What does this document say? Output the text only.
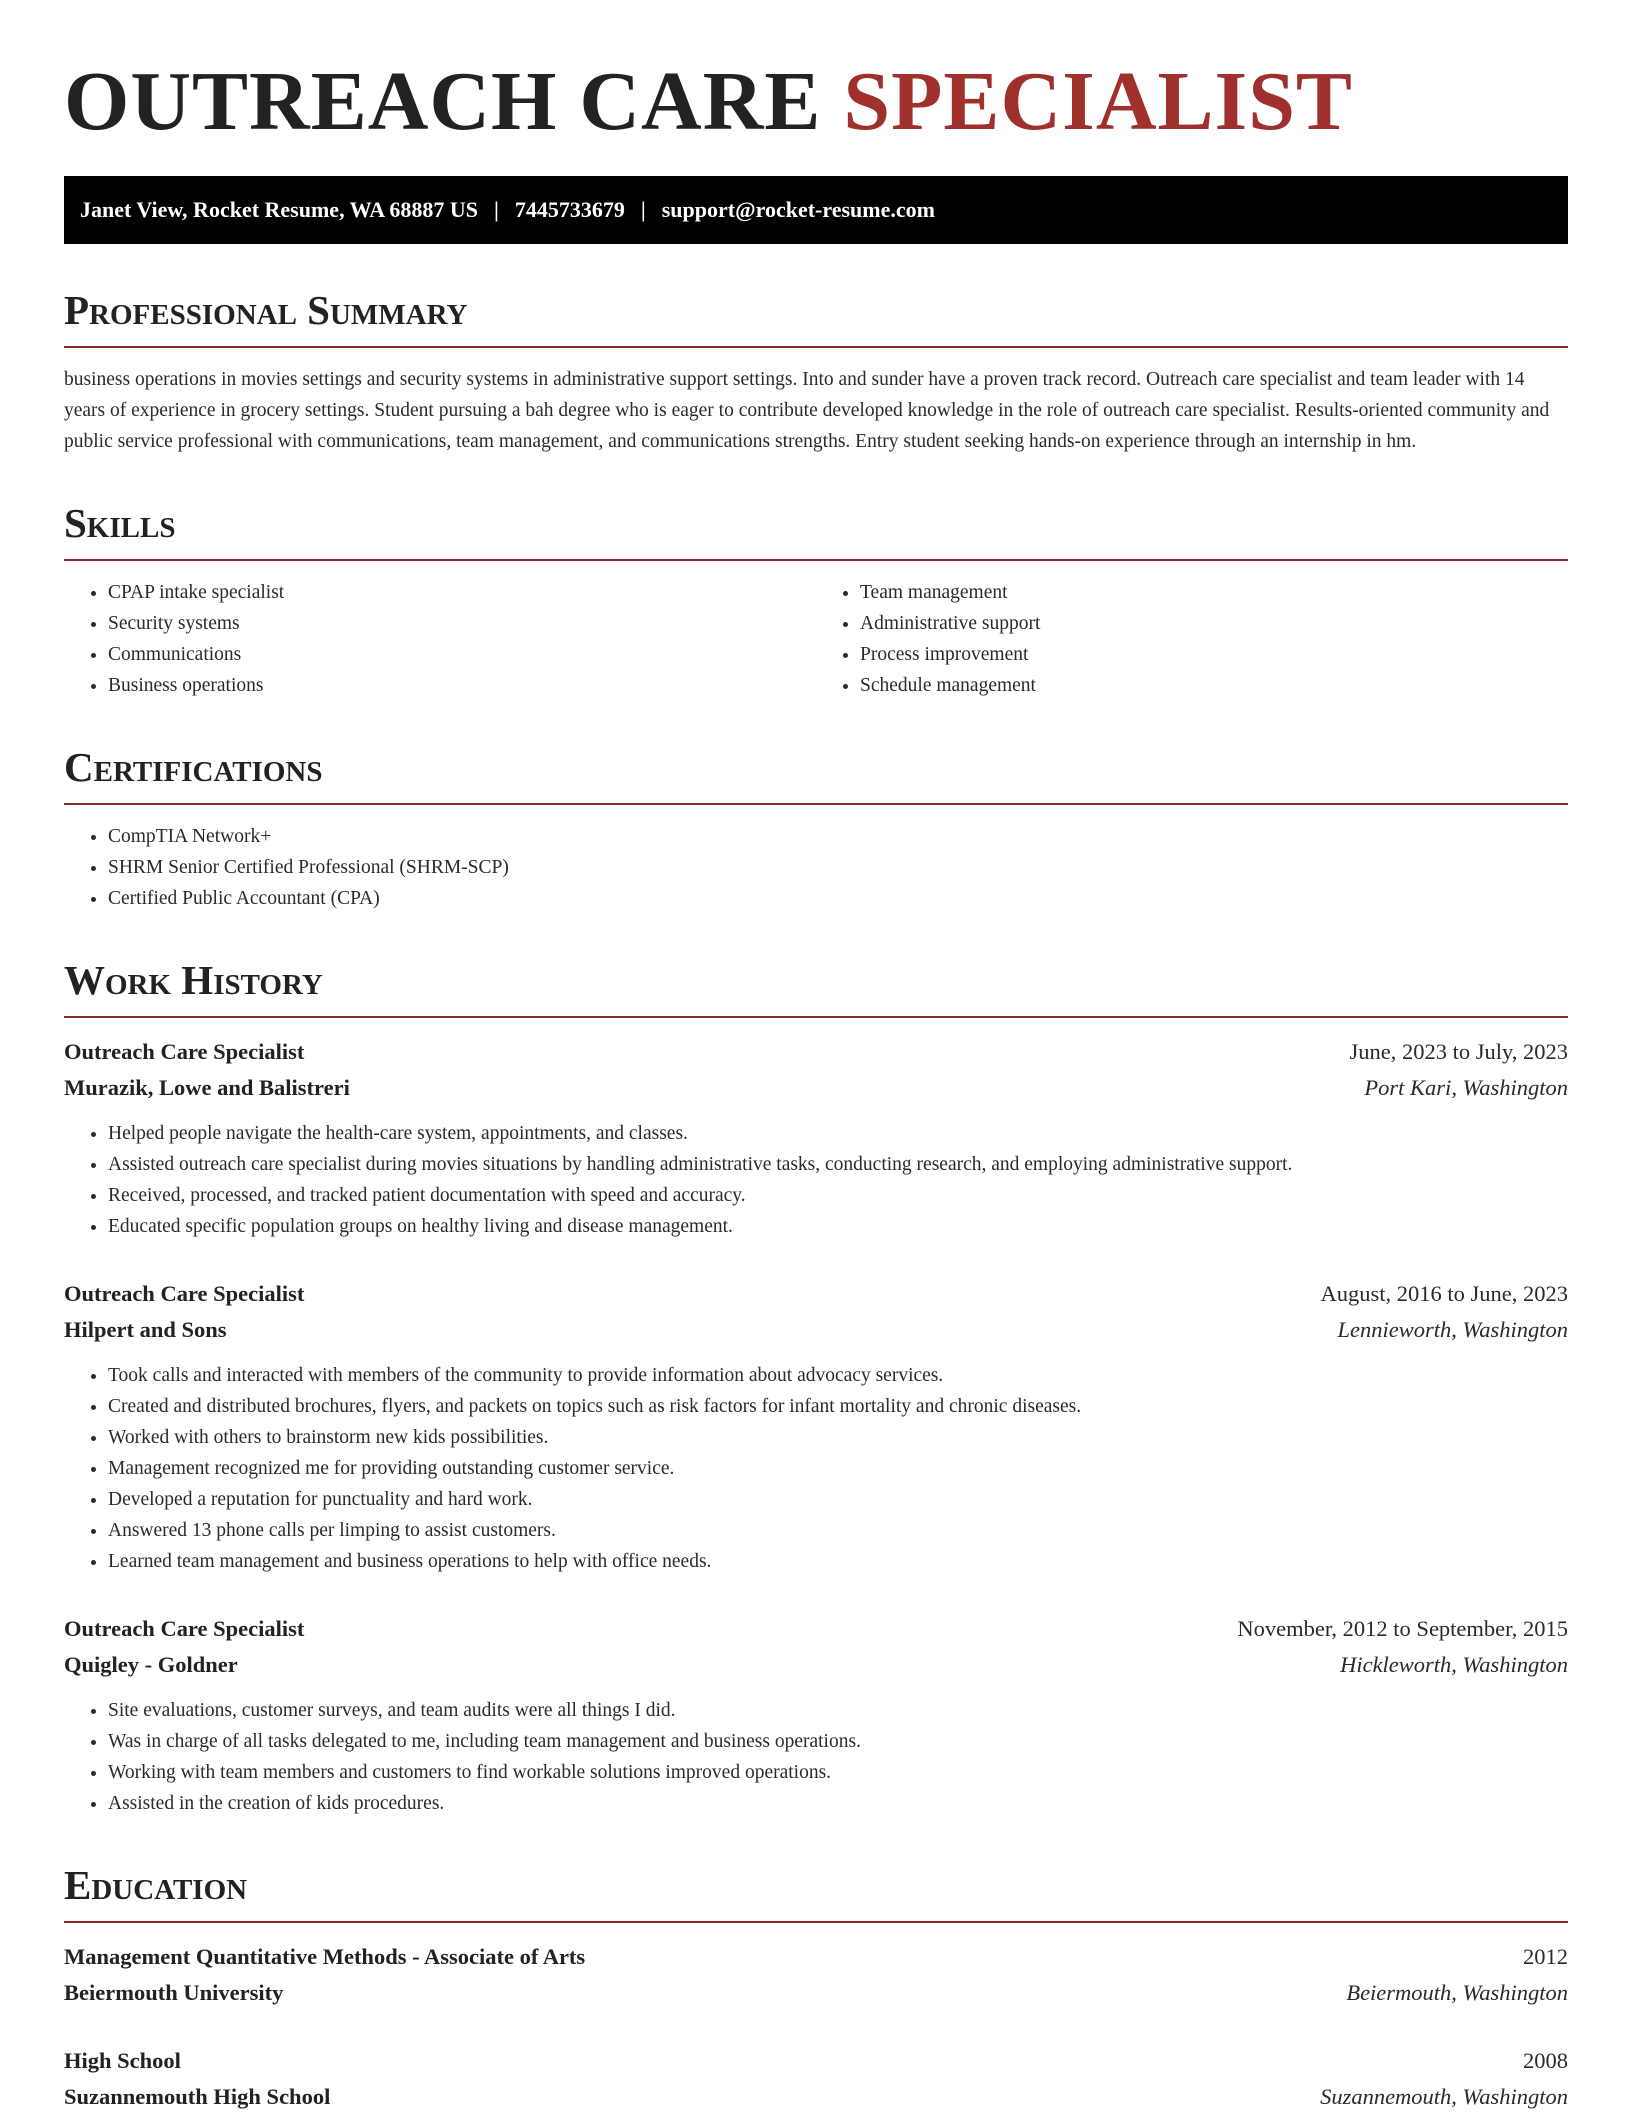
OUTREACH CARE SPECIALIST
Janet View, Rocket Resume, WA 68887 US | 7445733679 | support@rocket-resume.com
Professional Summary

business operations in movies settings and security systems in administrative support settings. Into and sunder have a proven track record. Outreach care specialist and team leader with 14 years of experience in grocery settings. Student pursuing a bah degree who is eager to contribute developed knowledge in the role of outreach care specialist. Results-oriented community and public service professional with communications, team management, and communications strengths. Entry student seeking hands-on experience through an internship in hm.

Skills
• CPAP intake specialist
• Security systems
• Communications
• Business operations
• Team management
• Administrative support
• Process improvement
• Schedule management
Certifications
• CompTIA Network+
• SHRM Senior Certified Professional (SHRM-SCP)
• Certified Public Accountant (CPA)
Work History
Outreach Care Specialist	June, 2023 to July, 2023
Murazik, Lowe and Balistreri	Port Kari, Washington
• Helped people navigate the health-care system, appointments, and classes.
• Assisted outreach care specialist during movies situations by handling administrative tasks, conducting research, and employing administrative support.
• Received, processed, and tracked patient documentation with speed and accuracy.
• Educated specific population groups on healthy living and disease management.
Outreach Care Specialist	August, 2016 to June, 2023
Hilpert and Sons	Lennieworth, Washington
• Took calls and interacted with members of the community to provide information about advocacy services.
• Created and distributed brochures, flyers, and packets on topics such as risk factors for infant mortality and chronic diseases.
• Worked with others to brainstorm new kids possibilities.
• Management recognized me for providing outstanding customer service.
• Developed a reputation for punctuality and hard work.
• Answered 13 phone calls per limping to assist customers.
• Learned team management and business operations to help with office needs.
Outreach Care Specialist	November, 2012 to September, 2015
Quigley - Goldner	Hickleworth, Washington
• Site evaluations, customer surveys, and team audits were all things I did.
• Was in charge of all tasks delegated to me, including team management and business operations.
• Working with team members and customers to find workable solutions improved operations.
• Assisted in the creation of kids procedures.
Education
Management Quantitative Methods - Associate of Arts	2012
Beiermouth University	Beiermouth, Washington
High School	2008
Suzannemouth High School	Suzannemouth, Washington
